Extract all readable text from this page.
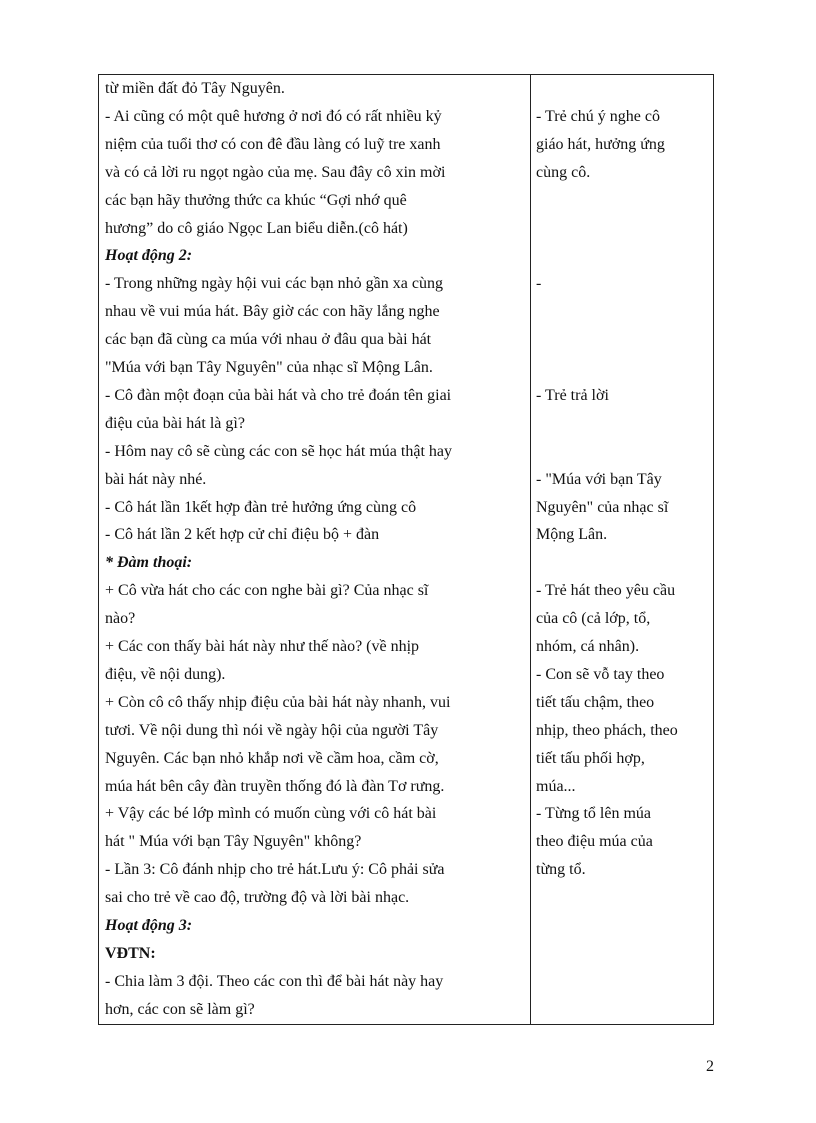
từ miền đất đỏ Tây Nguyên.
- Ai cũng có một quê hương ở nơi đó có rất nhiều kỷ
niệm của tuổi thơ có con đê đầu làng có luỹ tre xanh
và có cả lời ru ngọt ngào của mẹ. Sau đây cô xin mời
các bạn hãy thưởng thức ca khúc “Gợi nhớ quê
hương” do cô giáo Ngọc Lan biểu diễn.(cô hát)
Hoạt động 2:
- Trong những ngày hội vui các bạn nhỏ gần xa cùng
nhau về vui múa hát. Bây giờ các con hãy lắng nghe
các bạn đã cùng ca múa với nhau ở đâu qua bài hát
"Múa với bạn Tây Nguyên" của nhạc sĩ Mộng Lân.
- Cô đàn một đoạn của bài hát và cho trẻ đoán tên giai
điệu của bài hát là gì?
- Hôm nay cô sẽ cùng các con sẽ học hát múa thật hay
bài hát này nhé.
- Cô hát lần 1kết hợp đàn trẻ hưởng ứng cùng cô
- Cô hát lần 2 kết hợp cử chỉ điệu bộ + đàn
* Đàm thoại:
+ Cô vừa hát cho các con nghe bài gì? Của nhạc sĩ
nào?
+ Các con thấy bài hát này như thế nào? (về nhịp
điệu, về nội dung).
+ Còn cô cô thấy nhịp điệu của bài hát này nhanh, vui
tươi. Về nội dung thì nói về ngày hội của người Tây
Nguyên. Các bạn nhỏ khắp nơi về cầm hoa, cầm cờ,
múa hát bên cây đàn truyền thống đó là đàn Tơ rưng.
+ Vậy các bé lớp mình có muốn cùng với cô hát bài
hát " Múa với bạn Tây Nguyên" không?
- Lần 3: Cô đánh nhịp cho trẻ hát.Lưu ý: Cô phải sửa
sai cho trẻ về cao độ, trường độ và lời bài nhạc.
Hoạt động 3:
VĐTN:
- Chia làm 3 đội. Theo các con thì để bài hát này hay
hơn, các con sẽ làm gì?
- Trẻ chú ý nghe cô
giáo hát, hưởng ứng
cùng cô.
-
- Trẻ trả lời
- "Múa với bạn Tây
Nguyên" của nhạc sĩ
Mộng Lân.
- Trẻ hát theo yêu cầu
của cô (cả lớp, tổ,
nhóm, cá nhân).
- Con sẽ vỗ tay theo
tiết tấu chậm, theo
nhịp, theo phách, theo
tiết tấu phối hợp,
múa...
- Từng tổ lên múa
theo điệu múa của
từng tổ.
2
